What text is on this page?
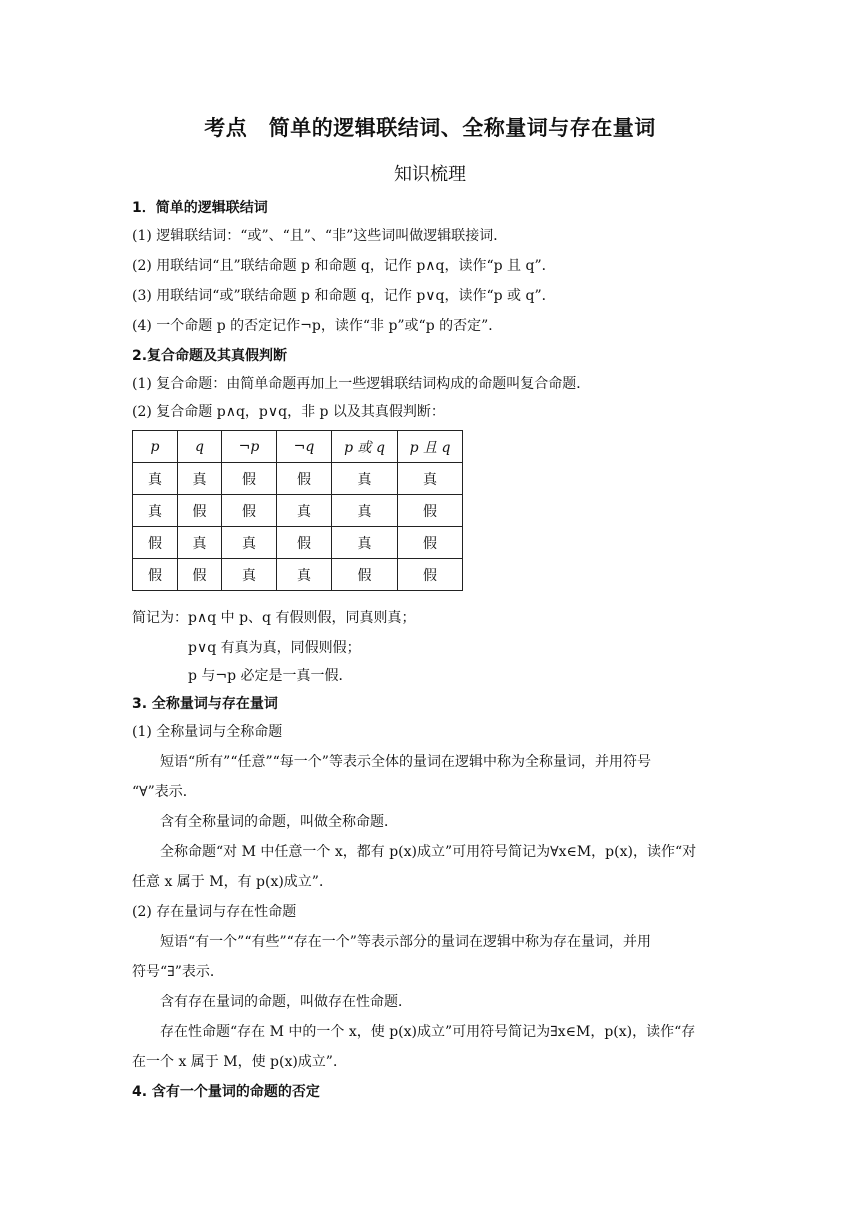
考点　简单的逻辑联结词、全称量词与存在量词
知识梳理
1．简单的逻辑联结词
(1) 逻辑联结词：“或”、“且”、“非”这些词叫做逻辑联接词．
(2) 用联结词“且”联结命题 p 和命题 q，记作 p∧q，读作“p 且 q”．
(3) 用联结词“或”联结命题 p 和命题 q，记作 p∨q，读作“p 或 q”．
(4) 一个命题 p 的否定记作¬p，读作“非 p”或“p 的否定”．
2.复合命题及其真假判断
(1) 复合命题：由简单命题再加上一些逻辑联结词构成的命题叫复合命题．
(2) 复合命题 p∧q，p∨q，非 p 以及其真假判断：
p	q	¬p	¬q	p 或 q	p 且 q
真	真	假	假	真	真
真	假	假	真	真	假
假	真	真	假	真	假
假	假	真	真	假	假
简记为：p∧q 中 p、q 有假则假，同真则真；
p∨q 有真为真，同假则假；
p 与¬p 必定是一真一假．
3. 全称量词与存在量词
(1) 全称量词与全称命题
短语“所有”“任意”“每一个”等表示全体的量词在逻辑中称为全称量词，并用符号
“∀”表示．
含有全称量词的命题，叫做全称命题．
全称命题“对 M 中任意一个 x，都有 p(x)成立”可用符号简记为∀x∈M，p(x)，读作“对
任意 x 属于 M，有 p(x)成立”．
(2) 存在量词与存在性命题
短语“有一个”“有些”“存在一个”等表示部分的量词在逻辑中称为存在量词，并用
符号“∃”表示．
含有存在量词的命题，叫做存在性命题．
存在性命题“存在 M 中的一个 x，使 p(x)成立”可用符号简记为∃x∈M，p(x)，读作“存
在一个 x 属于 M，使 p(x)成立”．
4. 含有一个量词的命题的否定
